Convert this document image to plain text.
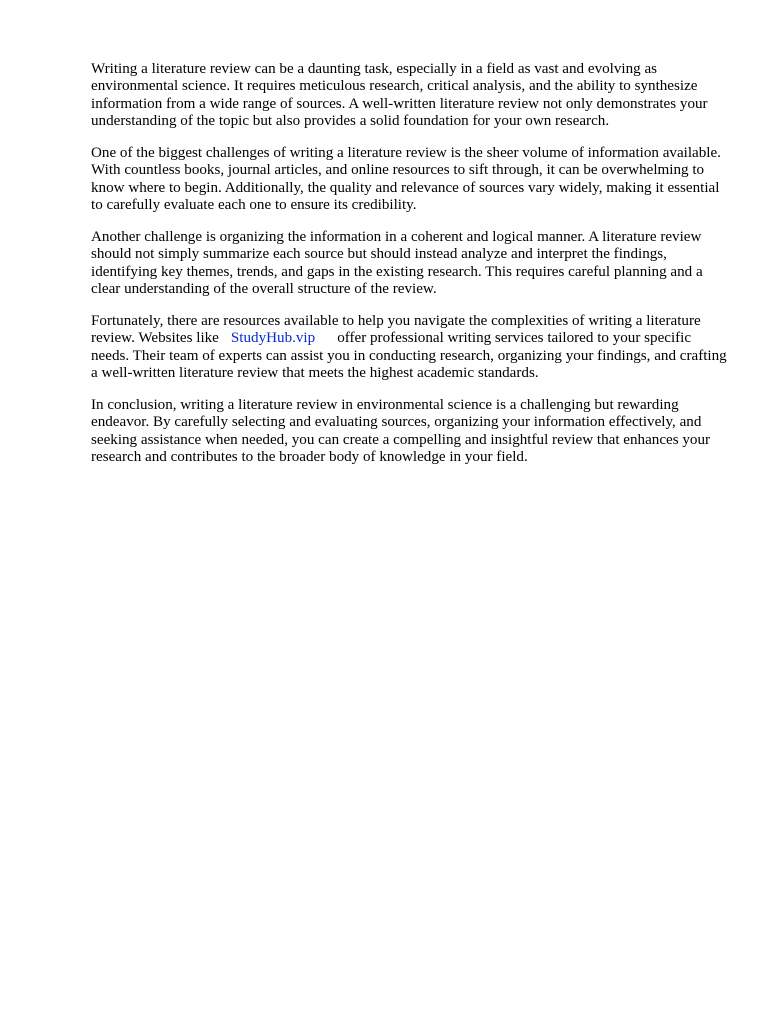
Writing a literature review can be a daunting task, especially in a field as vast and evolving as environmental science. It requires meticulous research, critical analysis, and the ability to synthesize information from a wide range of sources. A well-written literature review not only demonstrates your understanding of the topic but also provides a solid foundation for your own research.

One of the biggest challenges of writing a literature review is the sheer volume of information available. With countless books, journal articles, and online resources to sift through, it can be overwhelming to know where to begin. Additionally, the quality and relevance of sources vary widely, making it essential to carefully evaluate each one to ensure its credibility.

Another challenge is organizing the information in a coherent and logical manner. A literature review should not simply summarize each source but should instead analyze and interpret the findings, identifying key themes, trends, and gaps in the existing research. This requires careful planning and a clear understanding of the overall structure of the review.

Fortunately, there are resources available to help you navigate the complexities of writing a literature review. Websites like StudyHub.vip offer professional writing services tailored to your specific needs. Their team of experts can assist you in conducting research, organizing your findings, and crafting a well-written literature review that meets the highest academic standards.

In conclusion, writing a literature review in environmental science is a challenging but rewarding endeavor. By carefully selecting and evaluating sources, organizing your information effectively, and seeking assistance when needed, you can create a compelling and insightful review that enhances your research and contributes to the broader body of knowledge in your field.
